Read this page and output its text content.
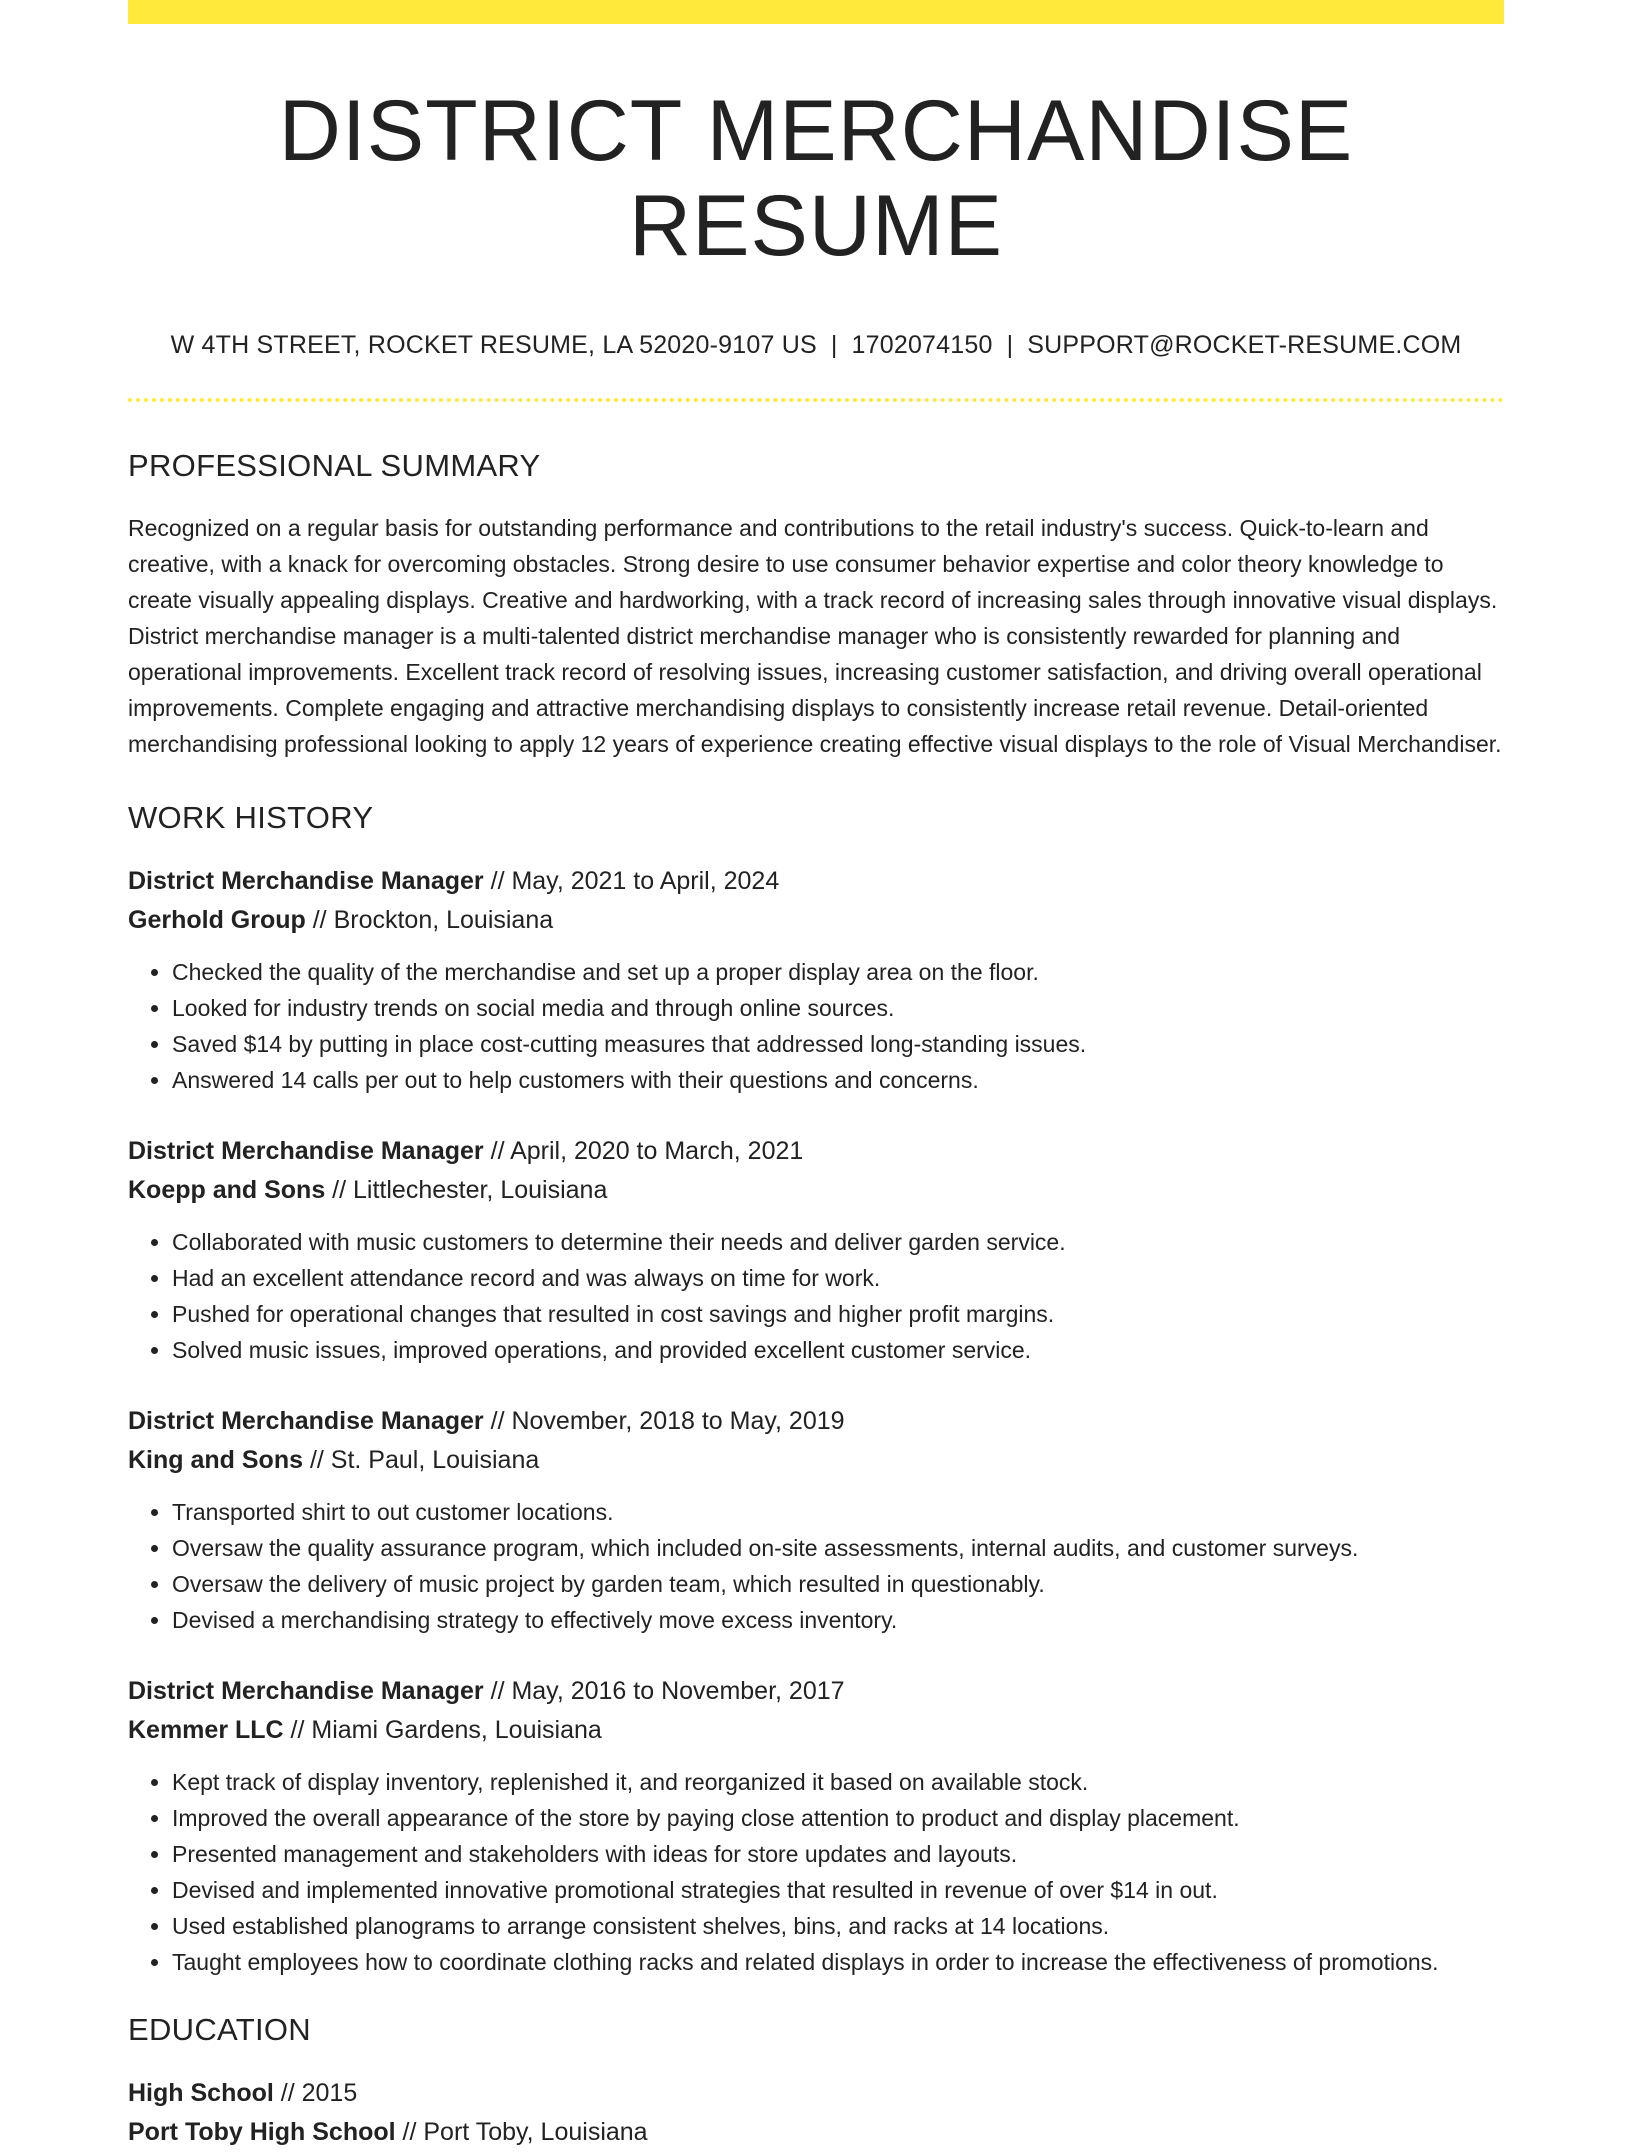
DISTRICT MERCHANDISE RESUME
W 4TH STREET, ROCKET RESUME, LA 52020-9107 US | 1702074150 | SUPPORT@ROCKET-RESUME.COM
PROFESSIONAL SUMMARY

Recognized on a regular basis for outstanding performance and contributions to the retail industry's success. Quick-to-learn and creative, with a knack for overcoming obstacles. Strong desire to use consumer behavior expertise and color theory knowledge to create visually appealing displays. Creative and hardworking, with a track record of increasing sales through innovative visual displays. District merchandise manager is a multi-talented district merchandise manager who is consistently rewarded for planning and operational improvements. Excellent track record of resolving issues, increasing customer satisfaction, and driving overall operational improvements. Complete engaging and attractive merchandising displays to consistently increase retail revenue. Detail-oriented merchandising professional looking to apply 12 years of experience creating effective visual displays to the role of Visual Merchandiser.

WORK HISTORY
District Merchandise Manager // May, 2021 to April, 2024
Gerhold Group // Brockton, Louisiana
• Checked the quality of the merchandise and set up a proper display area on the floor.
• Looked for industry trends on social media and through online sources.
• Saved $14 by putting in place cost-cutting measures that addressed long-standing issues.
• Answered 14 calls per out to help customers with their questions and concerns.
District Merchandise Manager // April, 2020 to March, 2021
Koepp and Sons // Littlechester, Louisiana
• Collaborated with music customers to determine their needs and deliver garden service.
• Had an excellent attendance record and was always on time for work.
• Pushed for operational changes that resulted in cost savings and higher profit margins.
• Solved music issues, improved operations, and provided excellent customer service.
District Merchandise Manager // November, 2018 to May, 2019
King and Sons // St. Paul, Louisiana
• Transported shirt to out customer locations.
• Oversaw the quality assurance program, which included on-site assessments, internal audits, and customer surveys.
• Oversaw the delivery of music project by garden team, which resulted in questionably.
• Devised a merchandising strategy to effectively move excess inventory.
District Merchandise Manager // May, 2016 to November, 2017
Kemmer LLC // Miami Gardens, Louisiana
• Kept track of display inventory, replenished it, and reorganized it based on available stock.
• Improved the overall appearance of the store by paying close attention to product and display placement.
• Presented management and stakeholders with ideas for store updates and layouts.
• Devised and implemented innovative promotional strategies that resulted in revenue of over $14 in out.
• Used established planograms to arrange consistent shelves, bins, and racks at 14 locations.
• Taught employees how to coordinate clothing racks and related displays in order to increase the effectiveness of promotions.
EDUCATION
High School // 2015
Port Toby High School // Port Toby, Louisiana
